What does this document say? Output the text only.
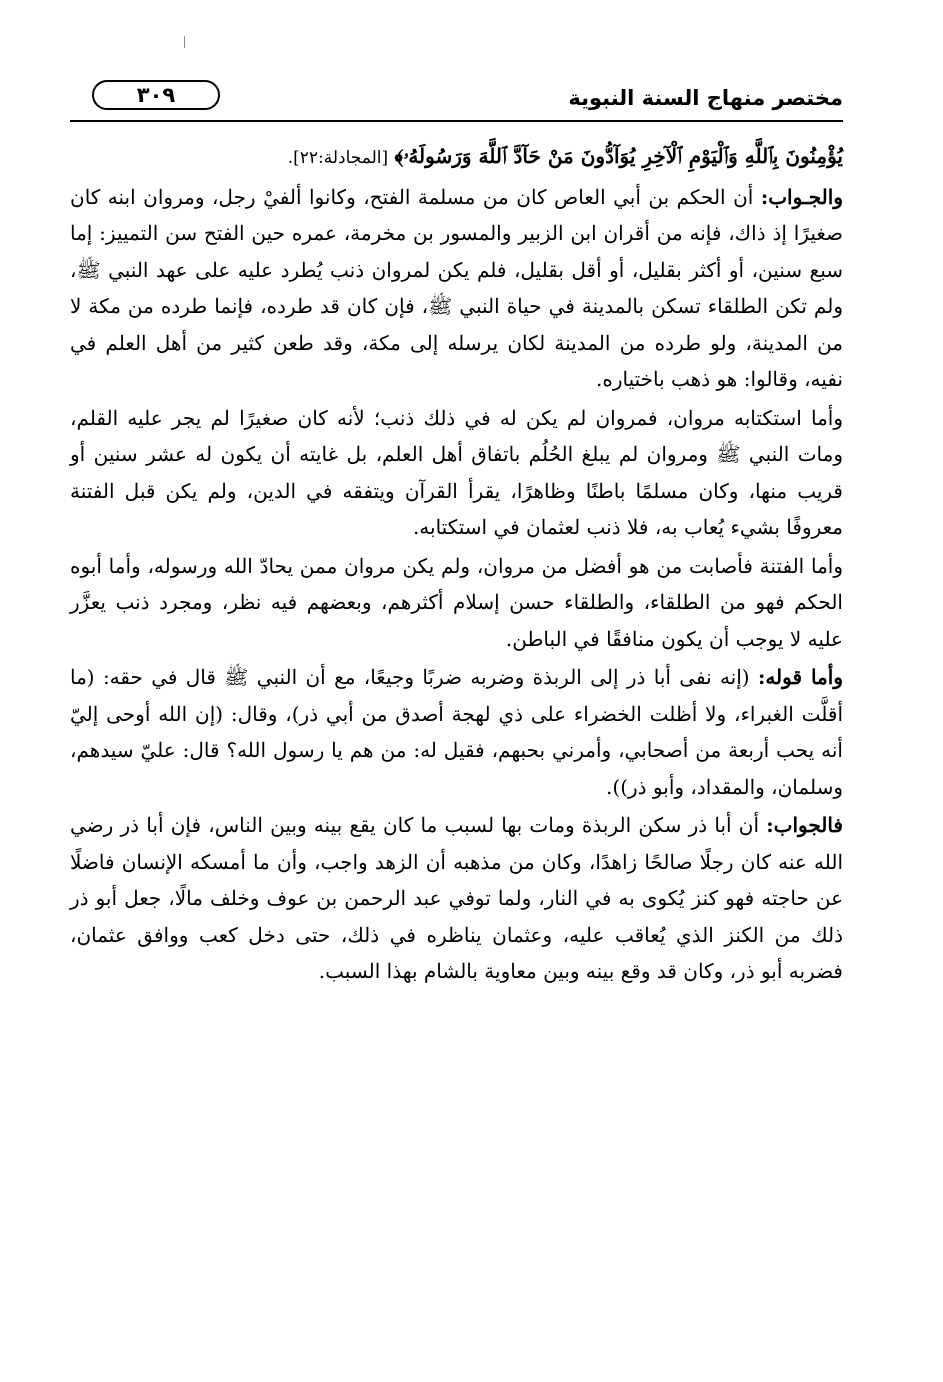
مختصر منهاج السنة النبوية
٣٠٩

يُؤْمِنُونَ بِٱللَّهِ وَٱلْيَوْمِ ٱلْآخِرِ يُوَآدُّونَ مَنْ حَآدَّ ٱللَّهَ وَرَسُولَهُۥ﴾ [المجادلة:٢٢].

والجـواب: أن الحكم بن أبي العاص كان من مسلمة الفتح، وكانوا ألفيْ رجل، ومروان ابنه كان صغيرًا إذ ذاك، فإنه من أقران ابن الزبير والمسور بن مخرمة، عمره حين الفتح سن التمييز: إما سبع سنين، أو أكثر بقليل، أو أقل بقليل، فلم يكن لمروان ذنب يُطرد عليه على عهد النبي ﷺ، ولم تكن الطلقاء تسكن بالمدينة في حياة النبي ﷺ، فإن كان قد طرده، فإنما طرده من مكة لا من المدينة، ولو طرده من المدينة لكان يرسله إلى مكة، وقد طعن كثير من أهل العلم في نفيه، وقالوا: هو ذهب باختياره.

وأما استكتابه مروان، فمروان لم يكن له في ذلك ذنب؛ لأنه كان صغيرًا لم يجر عليه القلم، ومات النبي ﷺ ومروان لم يبلغ الحُلُم باتفاق أهل العلم، بل غايته أن يكون له عشر سنين أو قريب منها، وكان مسلمًا باطنًا وظاهرًا، يقرأ القرآن ويتفقه في الدين، ولم يكن قبل الفتنة معروفًا بشيء يُعاب به، فلا ذنب لعثمان في استكتابه.

وأما الفتنة فأصابت من هو أفضل من مروان، ولم يكن مروان ممن يحادّ الله ورسوله، وأما أبوه الحكم فهو من الطلقاء، والطلقاء حسن إسلام أكثرهم، وبعضهم فيه نظر، ومجرد ذنب يعزَّر عليه لا يوجب أن يكون منافقًا في الباطن.

وأما قوله: (إنه نفى أبا ذر إلى الربذة وضربه ضربًا وجيعًا، مع أن النبي ﷺ قال في حقه: (ما أقلَّت الغبراء، ولا أظلت الخضراء على ذي لهجة أصدق من أبي ذر)، وقال: (إن الله أوحى إليّ أنه يحب أربعة من أصحابي، وأمرني بحبهم، فقيل له: من هم يا رسول الله؟ قال: عليّ سيدهم، وسلمان، والمقداد، وأبو ذر)).

فالجواب: أن أبا ذر سكن الربذة ومات بها لسبب ما كان يقع بينه وبين الناس، فإن أبا ذر رضي الله عنه كان رجلًا صالحًا زاهدًا، وكان من مذهبه أن الزهد واجب، وأن ما أمسكه الإنسان فاضلًا عن حاجته فهو كنز يُكوى به في النار، ولما توفي عبد الرحمن بن عوف وخلف مالًا، جعل أبو ذر ذلك من الكنز الذي يُعاقب عليه، وعثمان يناظره في ذلك، حتى دخل كعب ووافق عثمان، فضربه أبو ذر، وكان قد وقع بينه وبين معاوية بالشام بهذا السبب.
